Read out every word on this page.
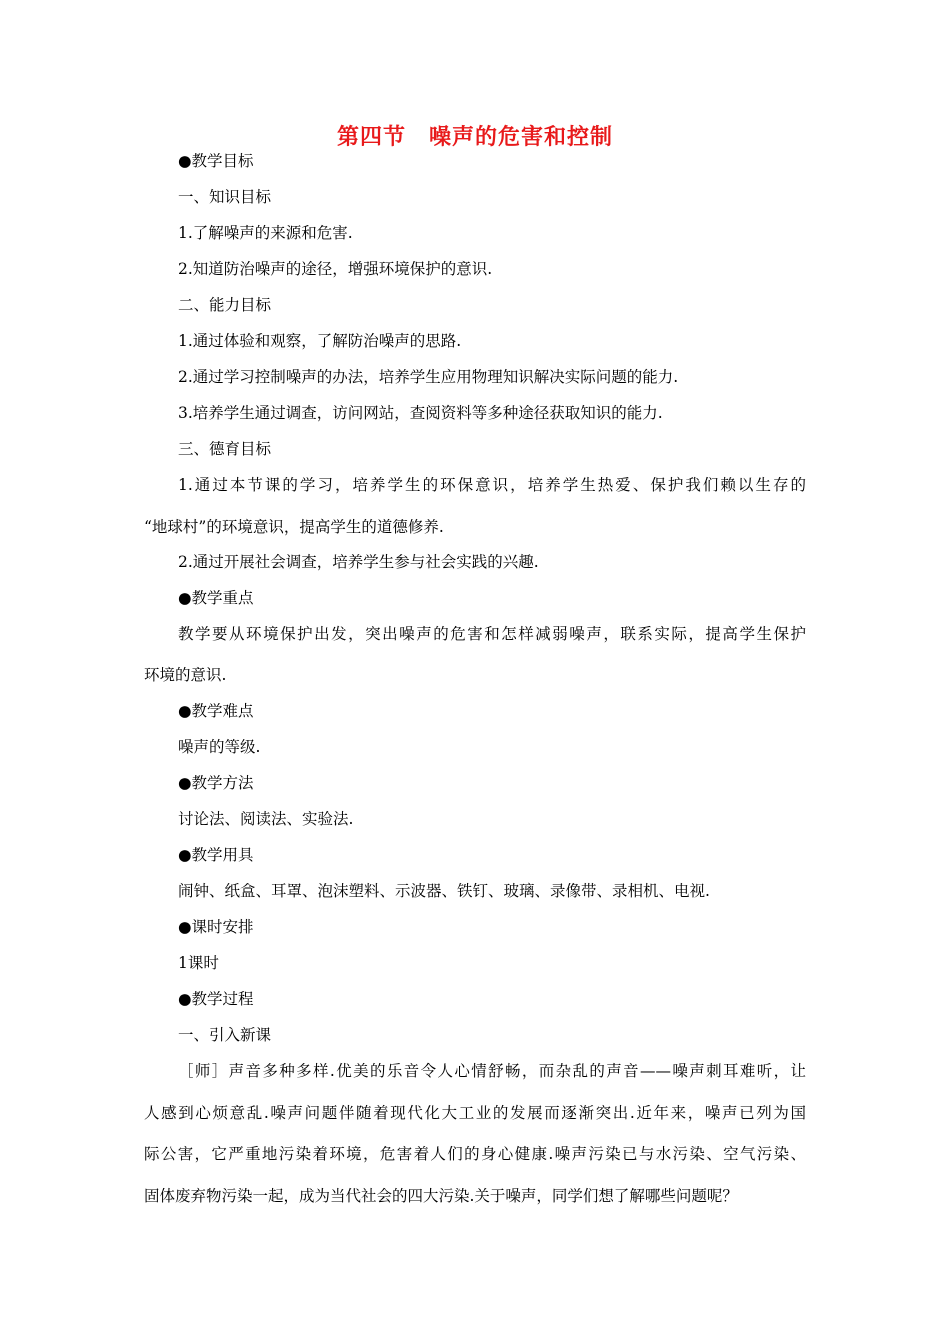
第四节　噪声的危害和控制
●教学目标
一、知识目标
1.了解噪声的来源和危害.
2.知道防治噪声的途径，增强环境保护的意识.
二、能力目标
1.通过体验和观察，了解防治噪声的思路.
2.通过学习控制噪声的办法，培养学生应用物理知识解决实际问题的能力.
3.培养学生通过调查，访问网站，查阅资料等多种途径获取知识的能力.
三、德育目标
1.通过本节课的学习，培养学生的环保意识，培养学生热爱、保护我们赖以生存的
“地球村”的环境意识，提高学生的道德修养.
2.通过开展社会调查，培养学生参与社会实践的兴趣.
●教学重点
教学要从环境保护出发，突出噪声的危害和怎样减弱噪声，联系实际，提高学生保护
环境的意识.
●教学难点
噪声的等级.
●教学方法
讨论法、阅读法、实验法.
●教学用具
闹钟、纸盒、耳罩、泡沫塑料、示波器、铁钉、玻璃、录像带、录相机、电视.
●课时安排
1课时
●教学过程
一、引入新课
［师］声音多种多样.优美的乐音令人心情舒畅，而杂乱的声音——噪声刺耳难听，让
人感到心烦意乱.噪声问题伴随着现代化大工业的发展而逐渐突出.近年来，噪声已列为国
际公害，它严重地污染着环境，危害着人们的身心健康.噪声污染已与水污染、空气污染、
固体废弃物污染一起，成为当代社会的四大污染.关于噪声，同学们想了解哪些问题呢？
